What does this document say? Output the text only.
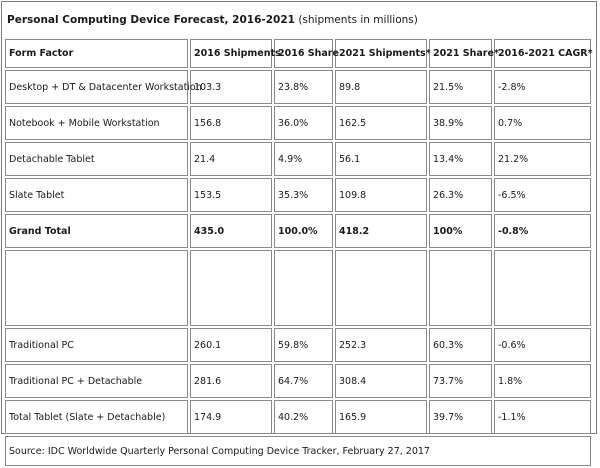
Personal Computing Device Forecast, 2016-2021 (shipments in millions)
Form Factor	2016 Shipments	2016 Share	2021 Shipments*	2021 Share*	2016-2021 CAGR*
Desktop + DT & Datacenter Workstation	103.3	23.8%	89.8	21.5%	-2.8%
Notebook + Mobile Workstation	156.8	36.0%	162.5	38.9%	0.7%
Detachable Tablet	21.4	4.9%	56.1	13.4%	21.2%
Slate Tablet	153.5	35.3%	109.8	26.3%	-6.5%
Grand Total	435.0	100.0%	418.2	100%	-0.8%

Traditional PC	260.1	59.8%	252.3	60.3%	-0.6%
Traditional PC + Detachable	281.6	64.7%	308.4	73.7%	1.8%
Total Tablet (Slate + Detachable)	174.9	40.2%	165.9	39.7%	-1.1%
Source: IDC Worldwide Quarterly Personal Computing Device Tracker, February 27, 2017					
